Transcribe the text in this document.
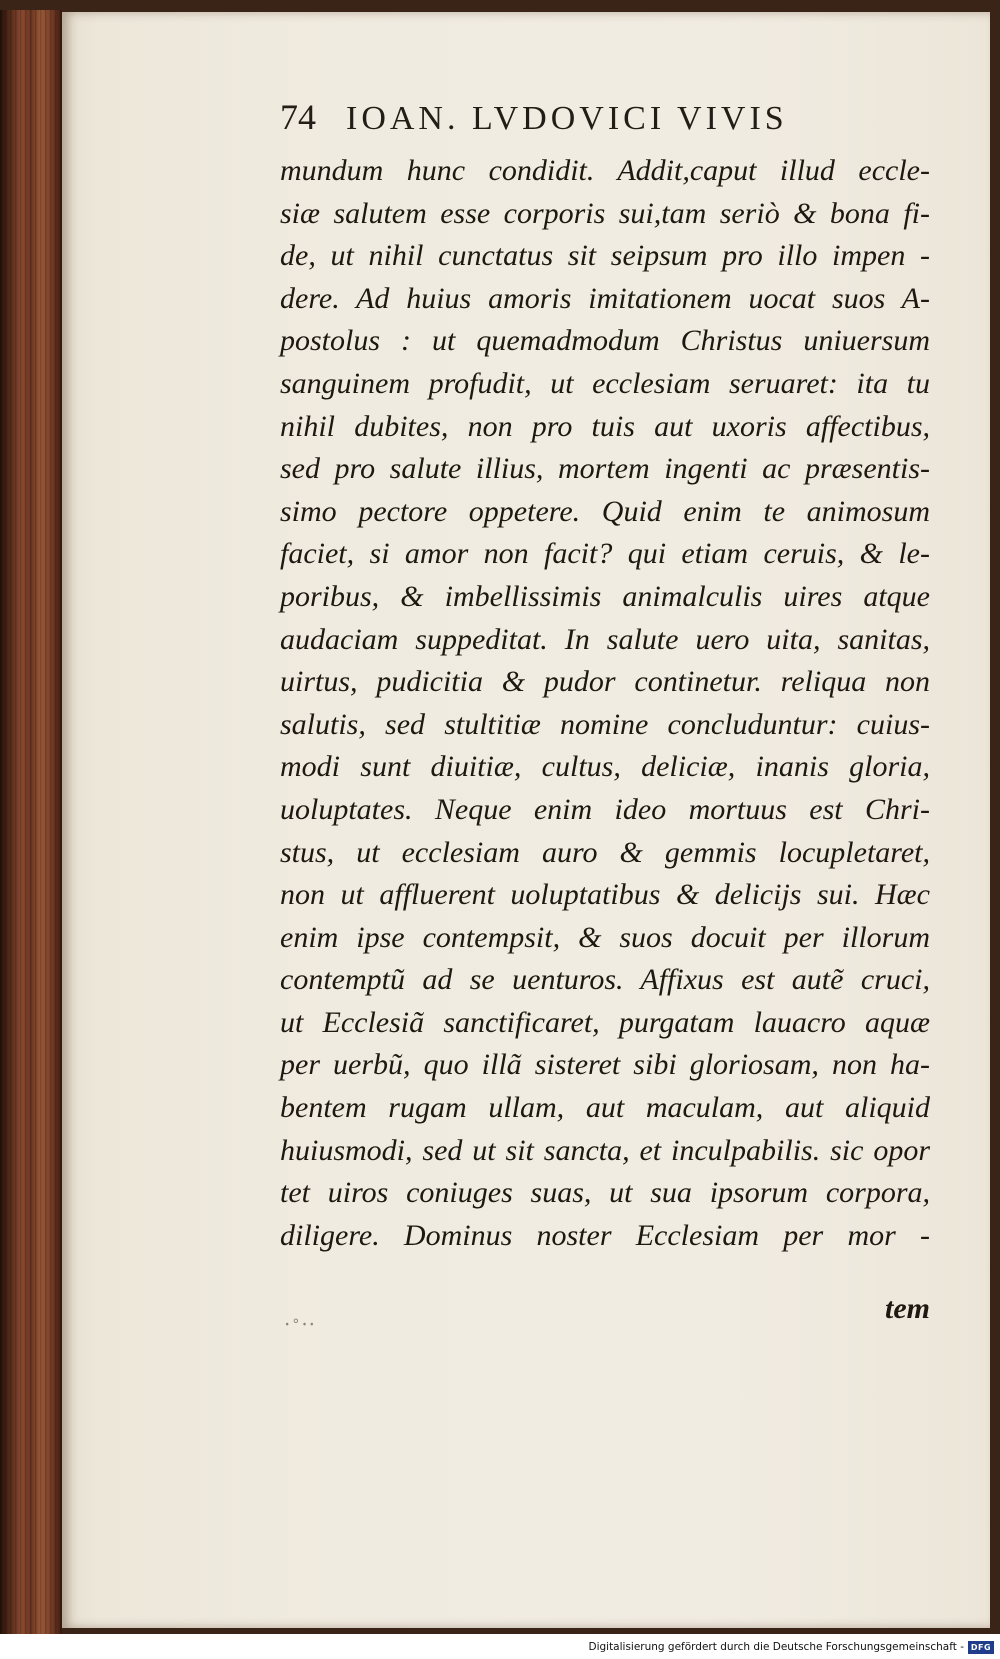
74 IOAN. LVDOVICI VIVIS
mundum hunc condidit. Addit,caput illud eccle-
siæ salutem esse corporis sui,tam seriò & bona fi-
de, ut nihil cunctatus sit seipsum pro illo impen -
dere. Ad huius amoris imitationem uocat suos A-
postolus : ut quemadmodum Christus uniuersum
sanguinem profudit, ut ecclesiam seruaret: ita tu
nihil dubites, non pro tuis aut uxoris affectibus,
sed pro salute illius, mortem ingenti ac præsentis-
simo pectore oppetere. Quid enim te animosum
faciet, si amor non facit? qui etiam ceruis, & le-
poribus, & imbellissimis animalculis uires atque
audaciam suppeditat. In salute uero uita, sanitas,
uirtus, pudicitia & pudor continetur. reliqua non
salutis, sed stultitiæ nomine concluduntur: cuius-
modi sunt diuitiæ, cultus, deliciæ, inanis gloria,
uoluptates. Neque enim ideo mortuus est Chri-
stus, ut ecclesiam auro & gemmis locupletaret,
non ut affluerent uoluptatibus & delicijs sui. Hæc
enim ipse contempsit, & suos docuit per illorum
contemptũ ad se uenturos. Affixus est autẽ cruci,
ut Ecclesiã sanctificaret, purgatam lauacro aquæ
per uerbũ, quo illã sisteret sibi gloriosam, non ha-
bentem rugam ullam, aut maculam, aut aliquid
huiusmodi, sed ut sit sancta, et inculpabilis. sic opor
tet uiros coniuges suas, ut sua ipsorum corpora,
diligere. Dominus noster Ecclesiam per mor -
ꞏ°ꞏꞏ	tem
Digitalisierung gefördert durch die Deutsche Forschungsgemeinschaft - DFG
